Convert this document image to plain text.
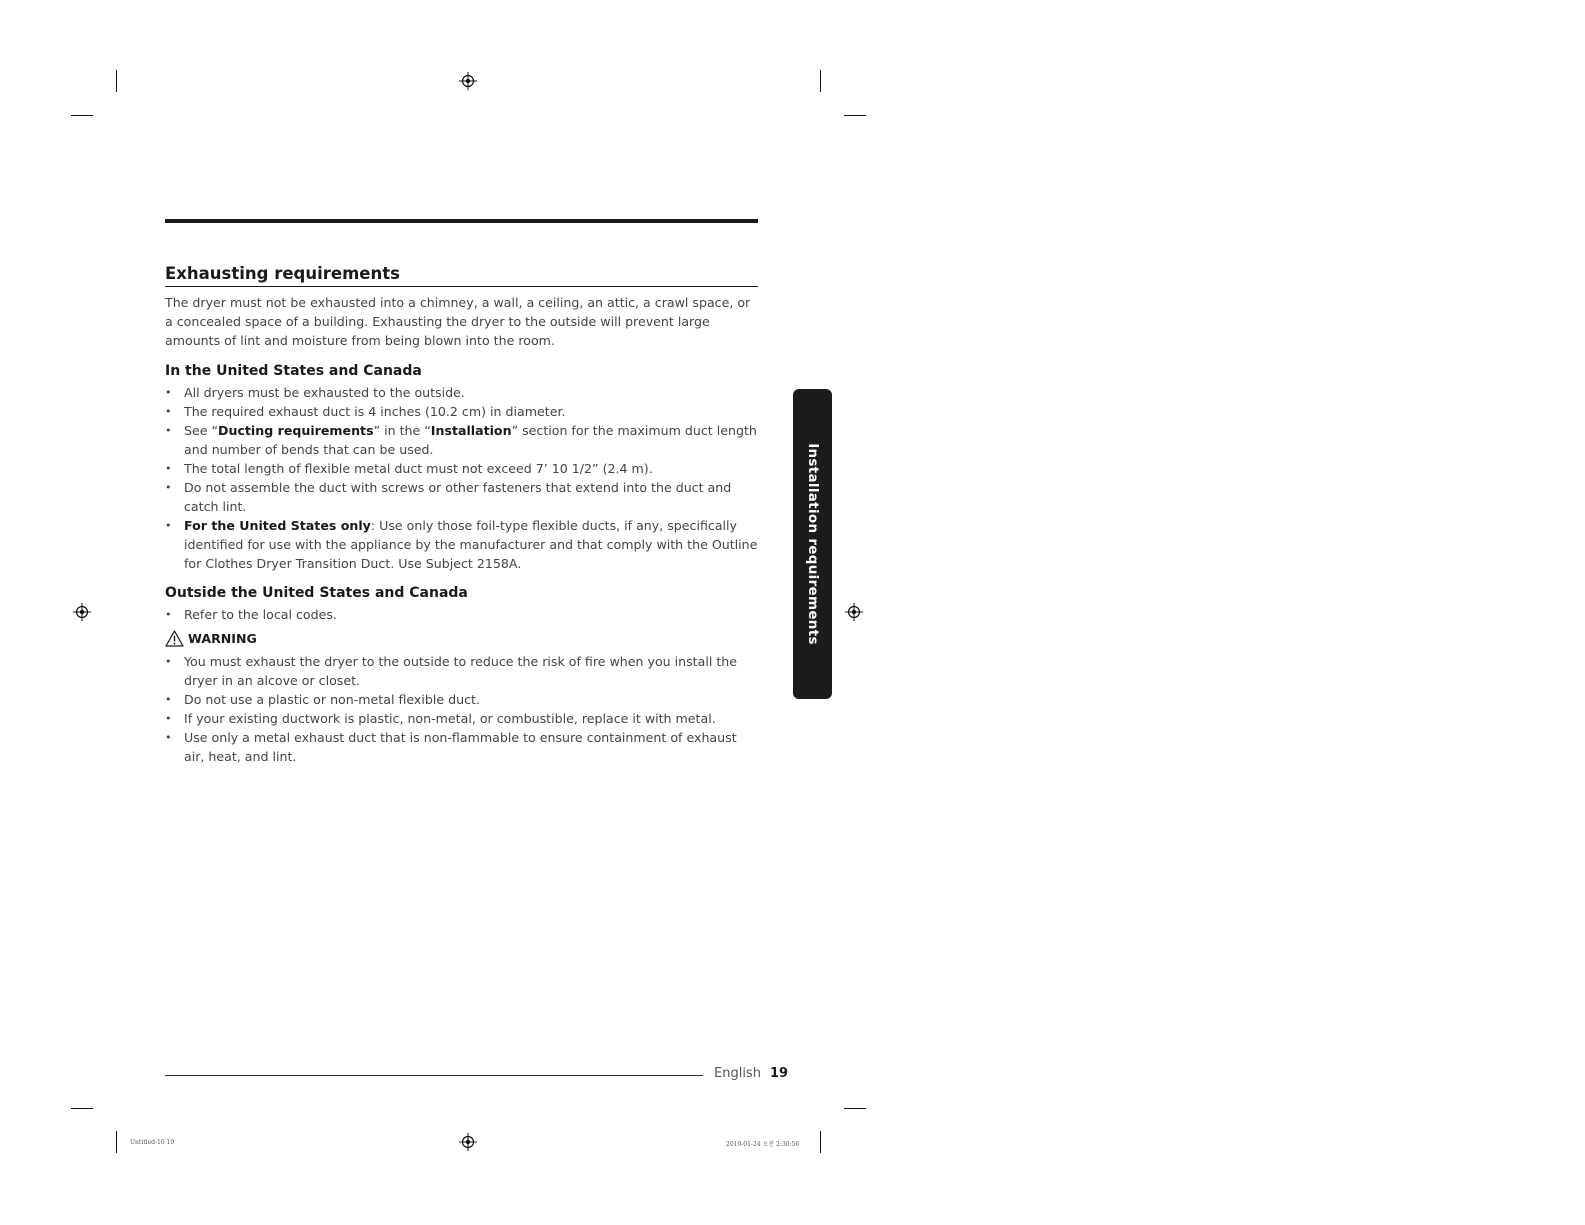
Exhausting requirements

The dryer must not be exhausted into a chimney, a wall, a ceiling, an attic, a crawl space, or a concealed space of a building. Exhausting the dryer to the outside will prevent large amounts of lint and moisture from being blown into the room.

In the United States and Canada
• All dryers must be exhausted to the outside.
• The required exhaust duct is 4 inches (10.2 cm) in diameter.
• See “Ducting requirements” in the “Installation” section for the maximum duct length and number of bends that can be used.
• The total length of flexible metal duct must not exceed 7’ 10 1/2” (2.4 m).
• Do not assemble the duct with screws or other fasteners that extend into the duct and catch lint.
• For the United States only: Use only those foil-type flexible ducts, if any, specifically identified for use with the appliance by the manufacturer and that comply with the Outline for Clothes Dryer Transition Duct. Use Subject 2158A.
Outside the United States and Canada
• Refer to the local codes.
WARNING
• You must exhaust the dryer to the outside to reduce the risk of fire when you install the dryer in an alcove or closet.
• Do not use a plastic or non-metal flexible duct.
• If your existing ductwork is plastic, non-metal, or combustible, replace it with metal.
• Use only a metal exhaust duct that is non-flammable to ensure containment of exhaust air, heat, and lint.
Installation requirements
English 19
Untitled-16 19	2019-01-24 오전 2:30:56
